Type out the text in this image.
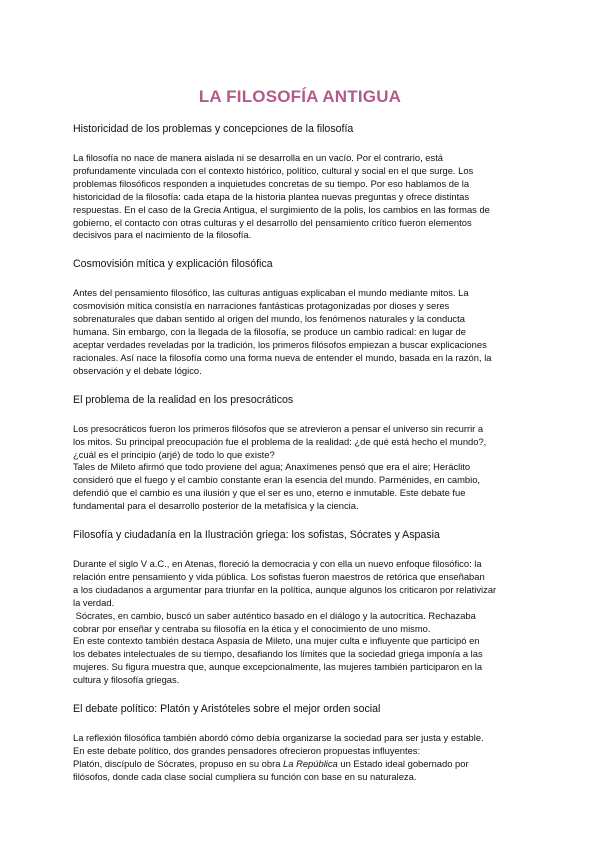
LA FILOSOFÍA ANTIGUA
Historicidad de los problemas y concepciones de la filosofía

La filosofía no nace de manera aislada ni se desarrolla en un vacío. Por el contrario, está
profundamente vinculada con el contexto histórico, político, cultural y social en el que surge. Los
problemas filosóficos responden a inquietudes concretas de su tiempo. Por eso hablamos de la
historicidad de la filosofía: cada etapa de la historia plantea nuevas preguntas y ofrece distintas
respuestas. En el caso de la Grecia Antigua, el surgimiento de la polis, los cambios en las formas de
gobierno, el contacto con otras culturas y el desarrollo del pensamiento crítico fueron elementos
decisivos para el nacimiento de la filosofía.

Cosmovisión mítica y explicación filosófica

Antes del pensamiento filosófico, las culturas antiguas explicaban el mundo mediante mitos. La
cosmovisión mítica consistía en narraciones fantásticas protagonizadas por dioses y seres
sobrenaturales que daban sentido al origen del mundo, los fenómenos naturales y la conducta
humana. Sin embargo, con la llegada de la filosofía, se produce un cambio radical: en lugar de
aceptar verdades reveladas por la tradición, los primeros filósofos empiezan a buscar explicaciones
racionales. Así nace la filosofía como una forma nueva de entender el mundo, basada en la razón, la
observación y el debate lógico.

El problema de la realidad en los presocráticos

Los presocráticos fueron los primeros filósofos que se atrevieron a pensar el universo sin recurrir a
los mitos. Su principal preocupación fue el problema de la realidad: ¿de qué está hecho el mundo?,
¿cuál es el principio (arjé) de todo lo que existe?
Tales de Mileto afirmó que todo proviene del agua; Anaxímenes pensó que era el aire; Heráclito
consideró que el fuego y el cambio constante eran la esencia del mundo. Parménides, en cambio,
defendió que el cambio es una ilusión y que el ser es uno, eterno e inmutable. Este debate fue
fundamental para el desarrollo posterior de la metafísica y la ciencia.

Filosofía y ciudadanía en la Ilustración griega: los sofistas, Sócrates y Aspasia

Durante el siglo V a.C., en Atenas, floreció la democracia y con ella un nuevo enfoque filosófico: la
relación entre pensamiento y vida pública. Los sofistas fueron maestros de retórica que enseñaban
a los ciudadanos a argumentar para triunfar en la política, aunque algunos los criticaron por relativizar
la verdad.
Sócrates, en cambio, buscó un saber auténtico basado en el diálogo y la autocrítica. Rechazaba
cobrar por enseñar y centraba su filosofía en la ética y el conocimiento de uno mismo.
En este contexto también destaca Aspasia de Mileto, una mujer culta e influyente que participó en
los debates intelectuales de su tiempo, desafiando los límites que la sociedad griega imponía a las
mujeres. Su figura muestra que, aunque excepcionalmente, las mujeres también participaron en la
cultura y filosofía griegas.

El debate político: Platón y Aristóteles sobre el mejor orden social

La reflexión filosófica también abordó cómo debía organizarse la sociedad para ser justa y estable.
En este debate político, dos grandes pensadores ofrecieron propuestas influyentes:
Platón, discípulo de Sócrates, propuso en su obra La República un Estado ideal gobernado por
filósofos, donde cada clase social cumpliera su función con base en su naturaleza.
